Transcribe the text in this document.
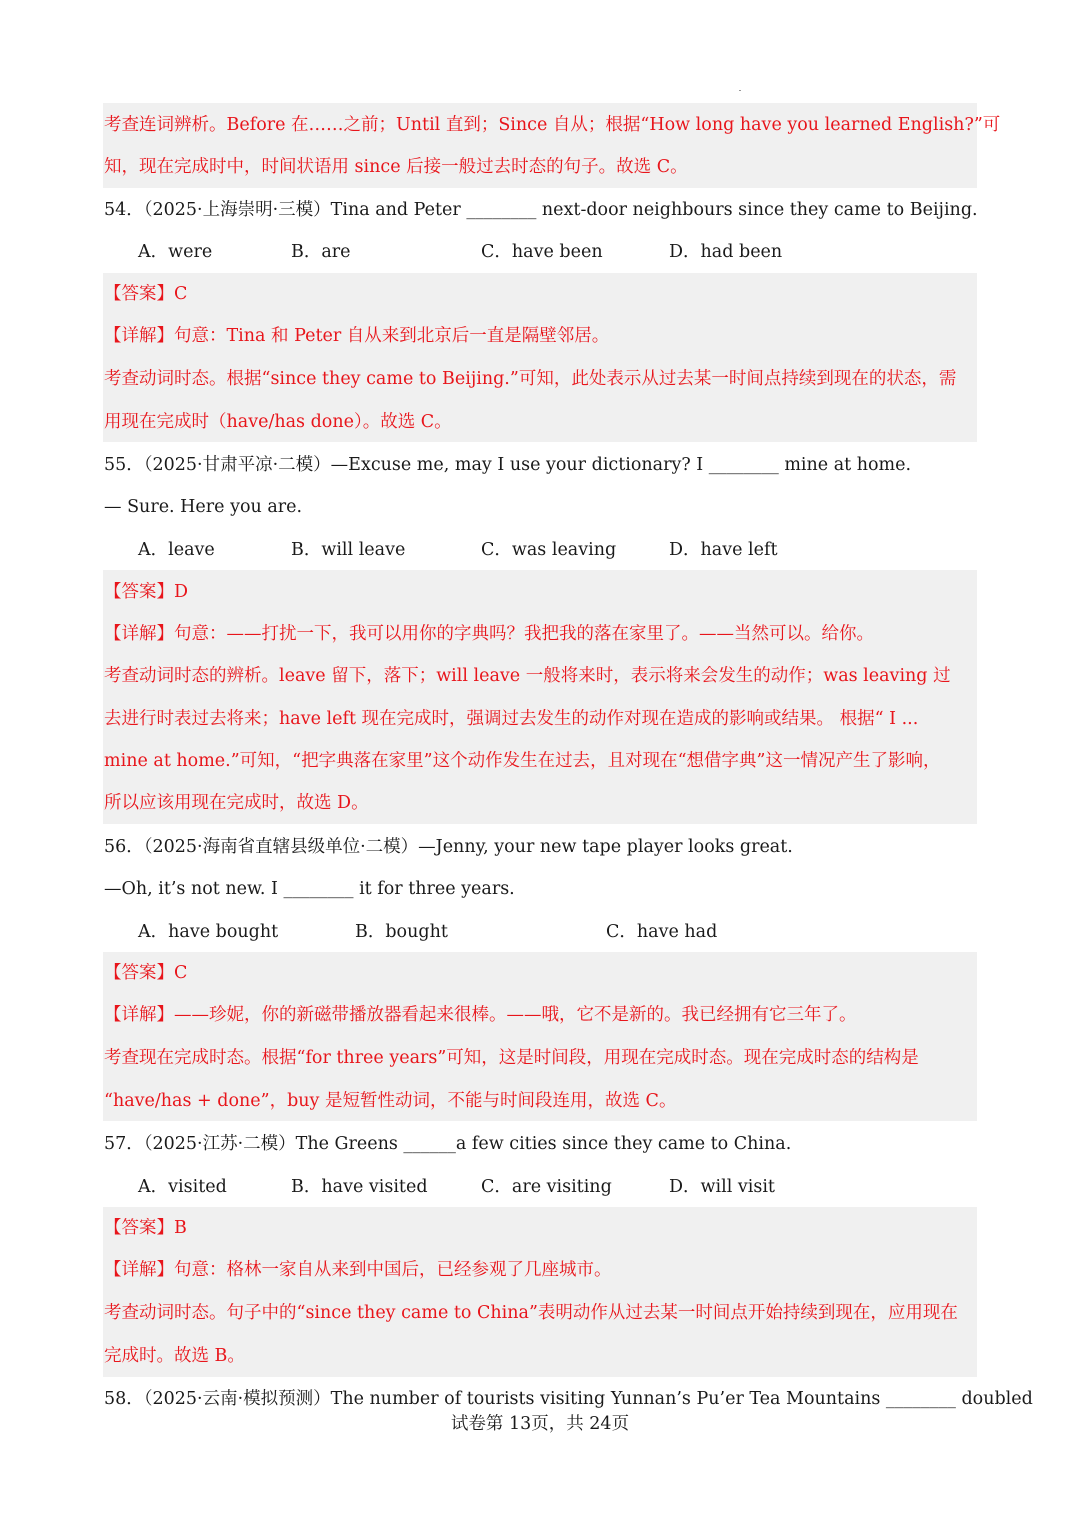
考查连词辨析。Before 在……之前；Until 直到；Since 自从；根据“How long have you learned English?”可
知，现在完成时中，时间状语用 since 后接一般过去时态的句子。故选 C。
54．（2025·上海崇明·三模）Tina and Peter ________ next-door neighbours since they came to Beijing.
A．were	B．are	C．have been	D．had been
【答案】C
【详解】句意：Tina 和 Peter 自从来到北京后一直是隔壁邻居。
考查动词时态。根据“since they came to Beijing.”可知，此处表示从过去某一时间点持续到现在的状态，需
用现在完成时（have/has done）。故选 C。
55．（2025·甘肃平凉·二模）—Excuse me, may I use your dictionary? I ________ mine at home.
— Sure. Here you are.
A．leave	B．will leave	C．was leaving	D．have left
【答案】D
【详解】句意：——打扰一下，我可以用你的字典吗？我把我的落在家里了。——当然可以。给你。
考查动词时态的辨析。leave 留下，落下；will leave 一般将来时，表示将来会发生的动作；was leaving 过
去进行时表过去将来；have left 现在完成时，强调过去发生的动作对现在造成的影响或结果。 根据“ I ...
mine at home.”可知，“把字典落在家里”这个动作发生在过去，且对现在“想借字典”这一情况产生了影响，
所以应该用现在完成时，故选 D。
56．（2025·海南省直辖县级单位·二模）—Jenny, your new tape player looks great.
—Oh, it’s not new. I ________ it for three years.
A．have bought	B．bought	C．have had
【答案】C
【详解】——珍妮，你的新磁带播放器看起来很棒。——哦，它不是新的。我已经拥有它三年了。
考查现在完成时态。根据“for three years”可知，这是时间段，用现在完成时态。现在完成时态的结构是
“have/has + done”，buy 是短暂性动词，不能与时间段连用，故选 C。
57．（2025·江苏·二模）The Greens ______a few cities since they came to China.
A．visited	B．have visited	C．are visiting	D．will visit
【答案】B
【详解】句意：格林一家自从来到中国后，已经参观了几座城市。
考查动词时态。句子中的“since they came to China”表明动作从过去某一时间点开始持续到现在，应用现在
完成时。故选 B。
58．（2025·云南·模拟预测）The number of tourists visiting Yunnan’s Pu’er Tea Mountains ________ doubled
试卷第 13页，共 24页
